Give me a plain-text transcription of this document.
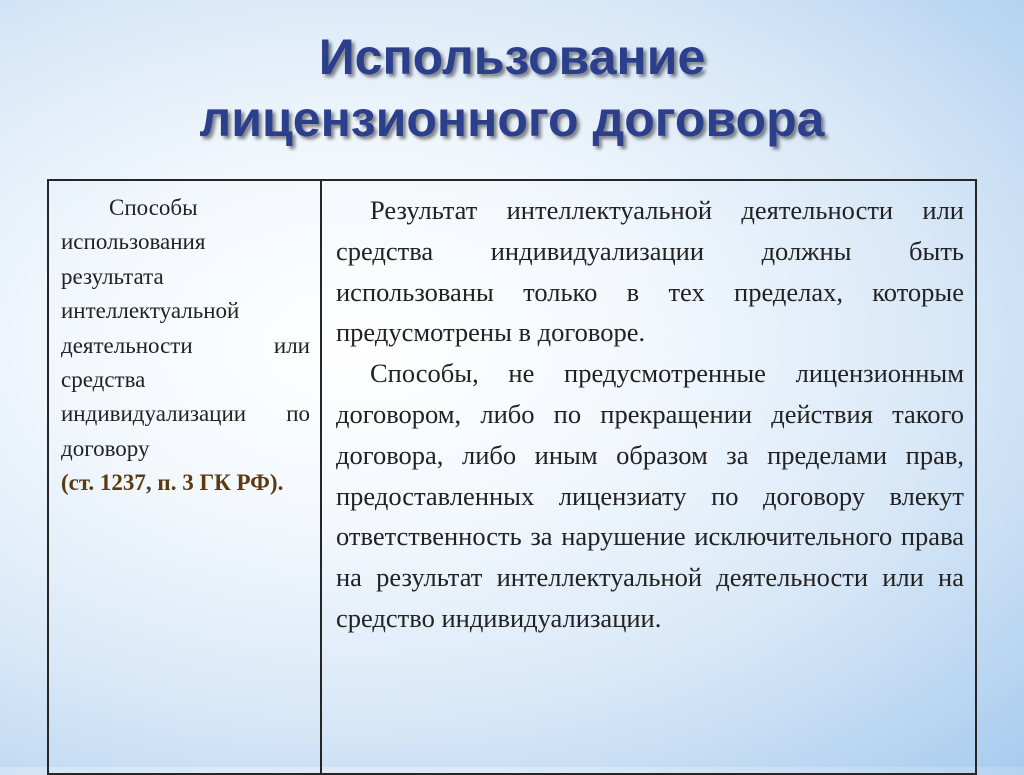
Использование
лицензионного договора
Способы использования результата интеллектуальной деятельности или средства индивидуализации по договору
(ст. 1237, п. 3 ГК РФ).

Результат интеллектуальной деятельности или средства индивидуализации должны быть использованы только в тех пределах, которые предусмотрены в договоре.

Способы, не предусмотренные лицензионным договором, либо по прекращении действия такого договора, либо иным образом за пределами прав, предоставленных лицензиату по договору влекут ответственность за нарушение исключительного права на результат интеллектуальной деятельности или на средство индивидуализации.
